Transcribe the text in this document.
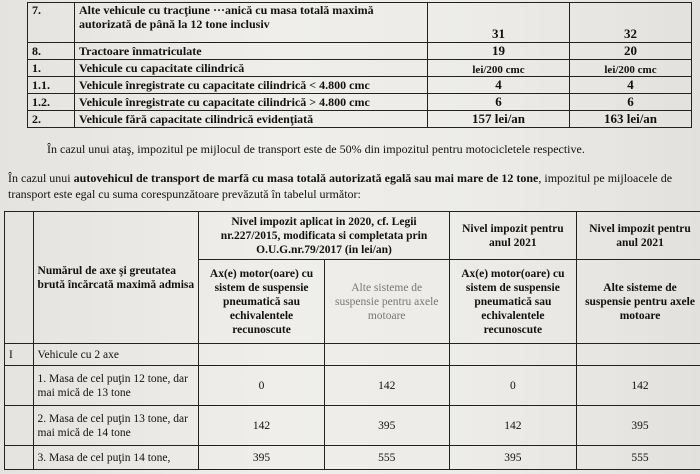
7.	Alte vehicule cu tracţiune ···anică cu masa totală maximă autorizată de până la 12 tone inclusiv	31	32
8.	Tractoare înmatriculate	19	20
1.	Vehicule cu capacitate cilindrică	lei/200 cmc	lei/200 cmc
1.1.	Vehicule înregistrate cu capacitate cilindrică < 4.800 cmc	4	4
1.2.	Vehicule înregistrate cu capacitate cilindrică > 4.800 cmc	6	6
2.	Vehicule fără capacitate cilindrică evidenţiată	157 lei/an	163 lei/an
În cazul unui ataş, impozitul pe mijlocul de transport este de 50% din impozitul pentru motocicletele respective.
În cazul unui autovehicul de transport de marfă cu masa totală autorizată egală sau mai mare de 12 tone, impozitul pe mijloacele de transport este egal cu suma corespunzătoare prevăzută în tabelul următor:
	Numărul de axe şi greutatea brută încărcată maximă admisa	Nivel impozit aplicat in 2020, cf. Legii nr.227/2015, modificata si completata prin O.U.G.nr.79/2017 (in lei/an)		Nivel impozit pentru anul 2021	Nivel impozit pentru anul 2021
		Ax(e) motor(oare) cu sistem de suspensie pneumatică sau echivalentele recunoscute	Alte sisteme de suspensie pentru axele motoare	Ax(e) motor(oare) cu sistem de suspensie pneumatică sau echivalentele recunoscute	Alte sisteme de suspensie pentru axele motoare
I	Vehicule cu 2 axe				
	1. Masa de cel puţin 12 tone, dar mai mică de 13 tone	0	142	0	142
	2. Masa de cel puţin 13 tone, dar mai mică de 14 tone	142	395	142	395
	3. Masa de cel puţin 14 tone,	395	555	395	555
